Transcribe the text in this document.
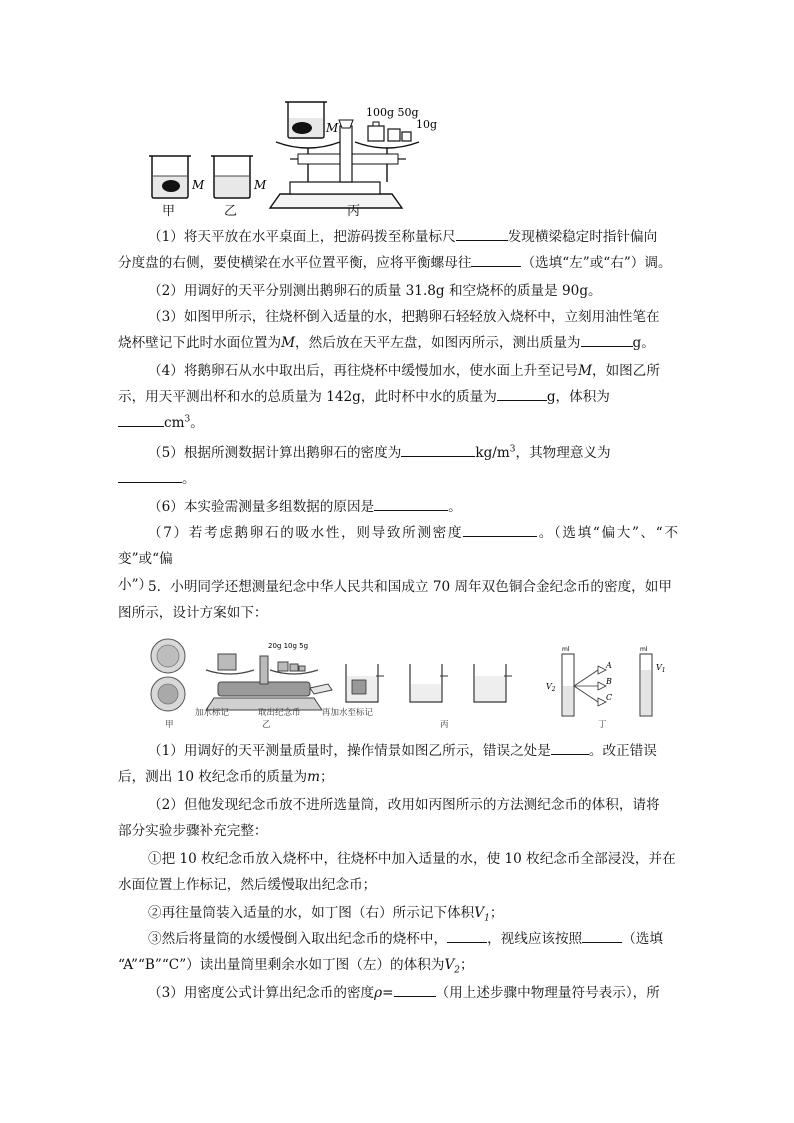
M	M
M
100g 50g
10g
甲	乙	丙
（1）将天平放在水平桌面上，把游码拨至称量标尺	发现横梁稳定时指针偏向
分度盘的右侧，要使横梁在水平位置平衡，应将平衡螺母往	（选填“左”或“右”）调。
（2）用调好的天平分别测出鹅卵石的质量 31.8g 和空烧杯的质量是 90g。
（3）如图甲所示，往烧杯倒入适量的水，把鹅卵石轻轻放入烧杯中，立刻用油性笔在
烧杯壁记下此时水面位置为M，然后放在天平左盘，如图丙所示，测出质量为	g。
（4）将鹅卵石从水中取出后，再往烧杯中缓慢加水，使水面上升至记号M，如图乙所
示，用天平测出杯和水的总质量为 142g，此时杯中水的质量为	g，体积为
$cm^3$。
（5）根据所测数据计算出鹅卵石的密度为	$kg/m^3$，其物理意义为
。
（6）本实验需测量多组数据的原因是	。
（7）若考虑鹅卵石的吸水性，则导致所测密度	。（选填“偏大”、“不变”或“偏
小”）
5．小明同学还想测量纪念中华人民共和国成立 70 周年双色铜合金纪念币的密度，如甲
图所示，设计方案如下：
20g 10g 5g
A
B
C
$V_2$
$V_1$
ml	ml
加水标记	取出纪念币	再加水至标记
甲	乙	丙	丁
（1）用调好的天平测量质量时，操作情景如图乙所示，错误之处是	。改正错误
后，测出 10 枚纪念币的质量为m；
（2）但他发现纪念币放不进所选量筒，改用如丙图所示的方法测纪念币的体积，请将
部分实验步骤补充完整：
①把 10 枚纪念币放入烧杯中，往烧杯中加入适量的水，使 10 枚纪念币全部浸没，并在
水面位置上作标记，然后缓慢取出纪念币；
②再往量筒装入适量的水，如丁图（右）所示记下体积$V_1$；
③然后将量筒的水缓慢倒入取出纪念币的烧杯中，	，视线应该按照	（选填
“A”“B”“C”）读出量筒里剩余水如丁图（左）的体积为$V_2$；
（3）用密度公式计算出纪念币的密度ρ=	（用上述步骤中物理量符号表示），所
